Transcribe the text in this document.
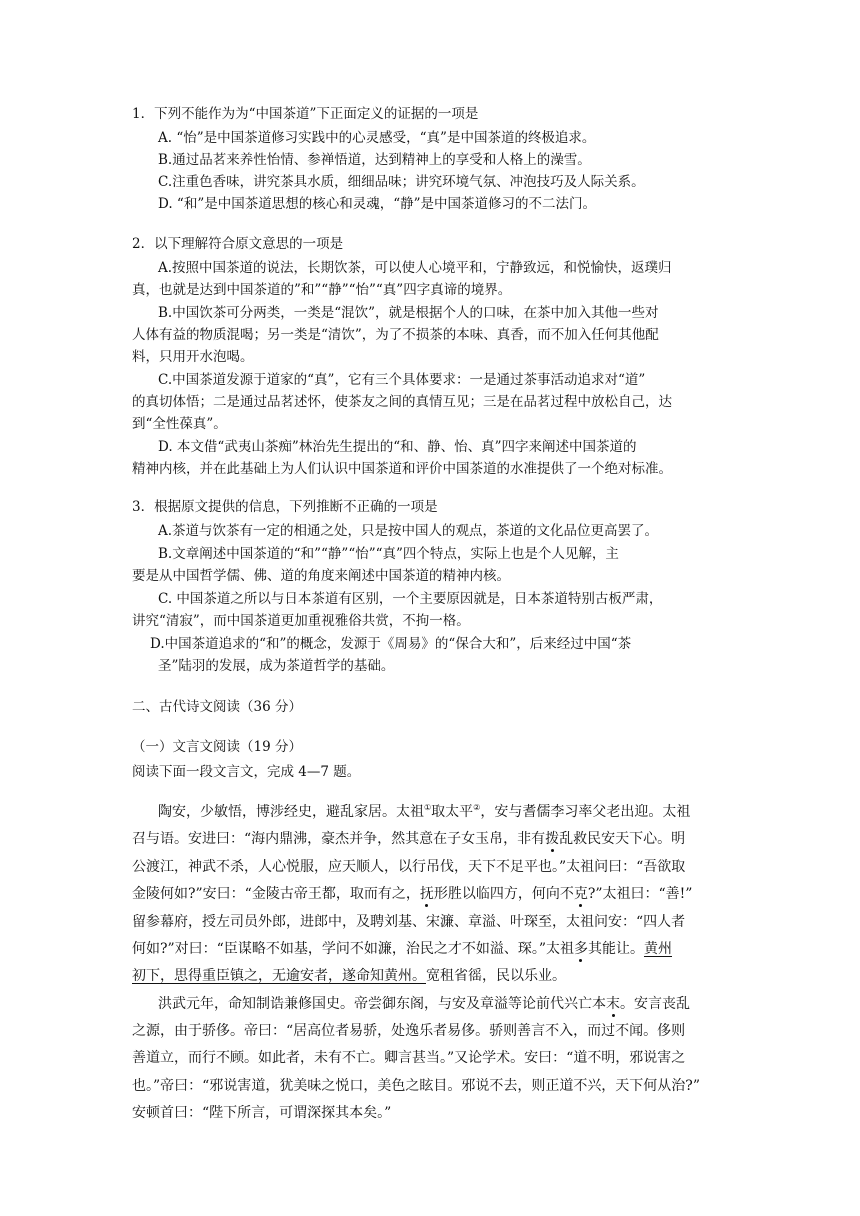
1．下列不能作为为“中国茶道”下正面定义的证据的一项是
A. “怡”是中国茶道修习实践中的心灵感受，“真”是中国茶道的终极追求。
B.通过品茗来养性怡情、参禅悟道，达到精神上的享受和人格上的澡雪。
C.注重色香味，讲究茶具水质，细细品味；讲究环境气氛、冲泡技巧及人际关系。
D. “和”是中国茶道思想的核心和灵魂，“静”是中国茶道修习的不二法门。
2．以下理解符合原文意思的一项是
A.按照中国茶道的说法，长期饮茶，可以使人心境平和，宁静致远，和悦愉快，返璞归
真，也就是达到中国茶道的”和”“静”“怡”“真”四字真谛的境界。
B.中国饮茶可分两类，一类是“混饮”，就是根据个人的口味，在茶中加入其他一些对
人体有益的物质混喝；另一类是“清饮”，为了不损茶的本味、真香，而不加入任何其他配
料，只用开水泡喝。
C.中国茶道发源于道家的“真”，它有三个具体要求：一是通过茶事活动追求对“道”
的真切体悟；二是通过品茗述怀，使茶友之间的真情互见；三是在品茗过程中放松自己，达
到“全性葆真”。
D. 本文借“武夷山茶痴”林治先生提出的“和、静、怡、真”四字来阐述中国茶道的
精神内核，并在此基础上为人们认识中国茶道和评价中国茶道的水准提供了一个绝对标准。
3．根据原文提供的信息，下列推断不正确的一项是
A.茶道与饮茶有一定的相通之处，只是按中国人的观点，茶道的文化品位更高罢了。
B.文章阐述中国茶道的“和”“静”“怡”“真”四个特点，实际上也是个人见解，主
要是从中国哲学儒、佛、道的角度来阐述中国茶道的精神内核。
C. 中国茶道之所以与日本茶道有区别，一个主要原因就是，日本茶道特别古板严肃，
讲究“清寂”，而中国茶道更加重视雅俗共赏，不拘一格。
D.中国茶道追求的“和”的概念，发源于《周易》的“保合大和”，后来经过中国“茶
圣”陆羽的发展，成为茶道哲学的基础。
二、古代诗文阅读（36 分）
（一）文言文阅读（19 分）
阅读下面一段文言文，完成 4—7 题。
陶安，少敏悟，博涉经史，避乱家居。太祖①取太平②，安与耆儒李习率父老出迎。太祖
召与语。安进曰：“海内鼎沸，豪杰并争，然其意在子女玉帛，非有拨乱救民安天下心。明
公渡江，神武不杀，人心悦服，应天顺人，以行吊伐，天下不足平也。”太祖问曰：“吾欲取
金陵何如?”安曰：“金陵古帝王都，取而有之，抚形胜以临四方，何向不克?”太祖曰：“善!”
留参幕府，授左司员外郎，进郎中，及聘刘基、宋濂、章溢、叶琛至，太祖问安：“四人者
何如?”对曰：“臣谋略不如基，学问不如濂，治民之才不如溢、琛。”太祖多其能让。黄州
初下，思得重臣镇之，无逾安者，遂命知黄州。宽租省徭，民以乐业。
洪武元年，命知制诰兼修国史。帝尝御东阁，与安及章溢等论前代兴亡本末。安言丧乱
之源，由于骄侈。帝曰：“居高位者易骄，处逸乐者易侈。骄则善言不入，而过不闻。侈则
善道立，而行不顾。如此者，未有不亡。卿言甚当。”又论学术。安曰：“道不明，邪说害之
也。”帝曰：“邪说害道，犹美味之悦口，美色之眩目。邪说不去，则正道不兴，天下何从治?”
安顿首曰：“陛下所言，可谓深探其本矣。”
